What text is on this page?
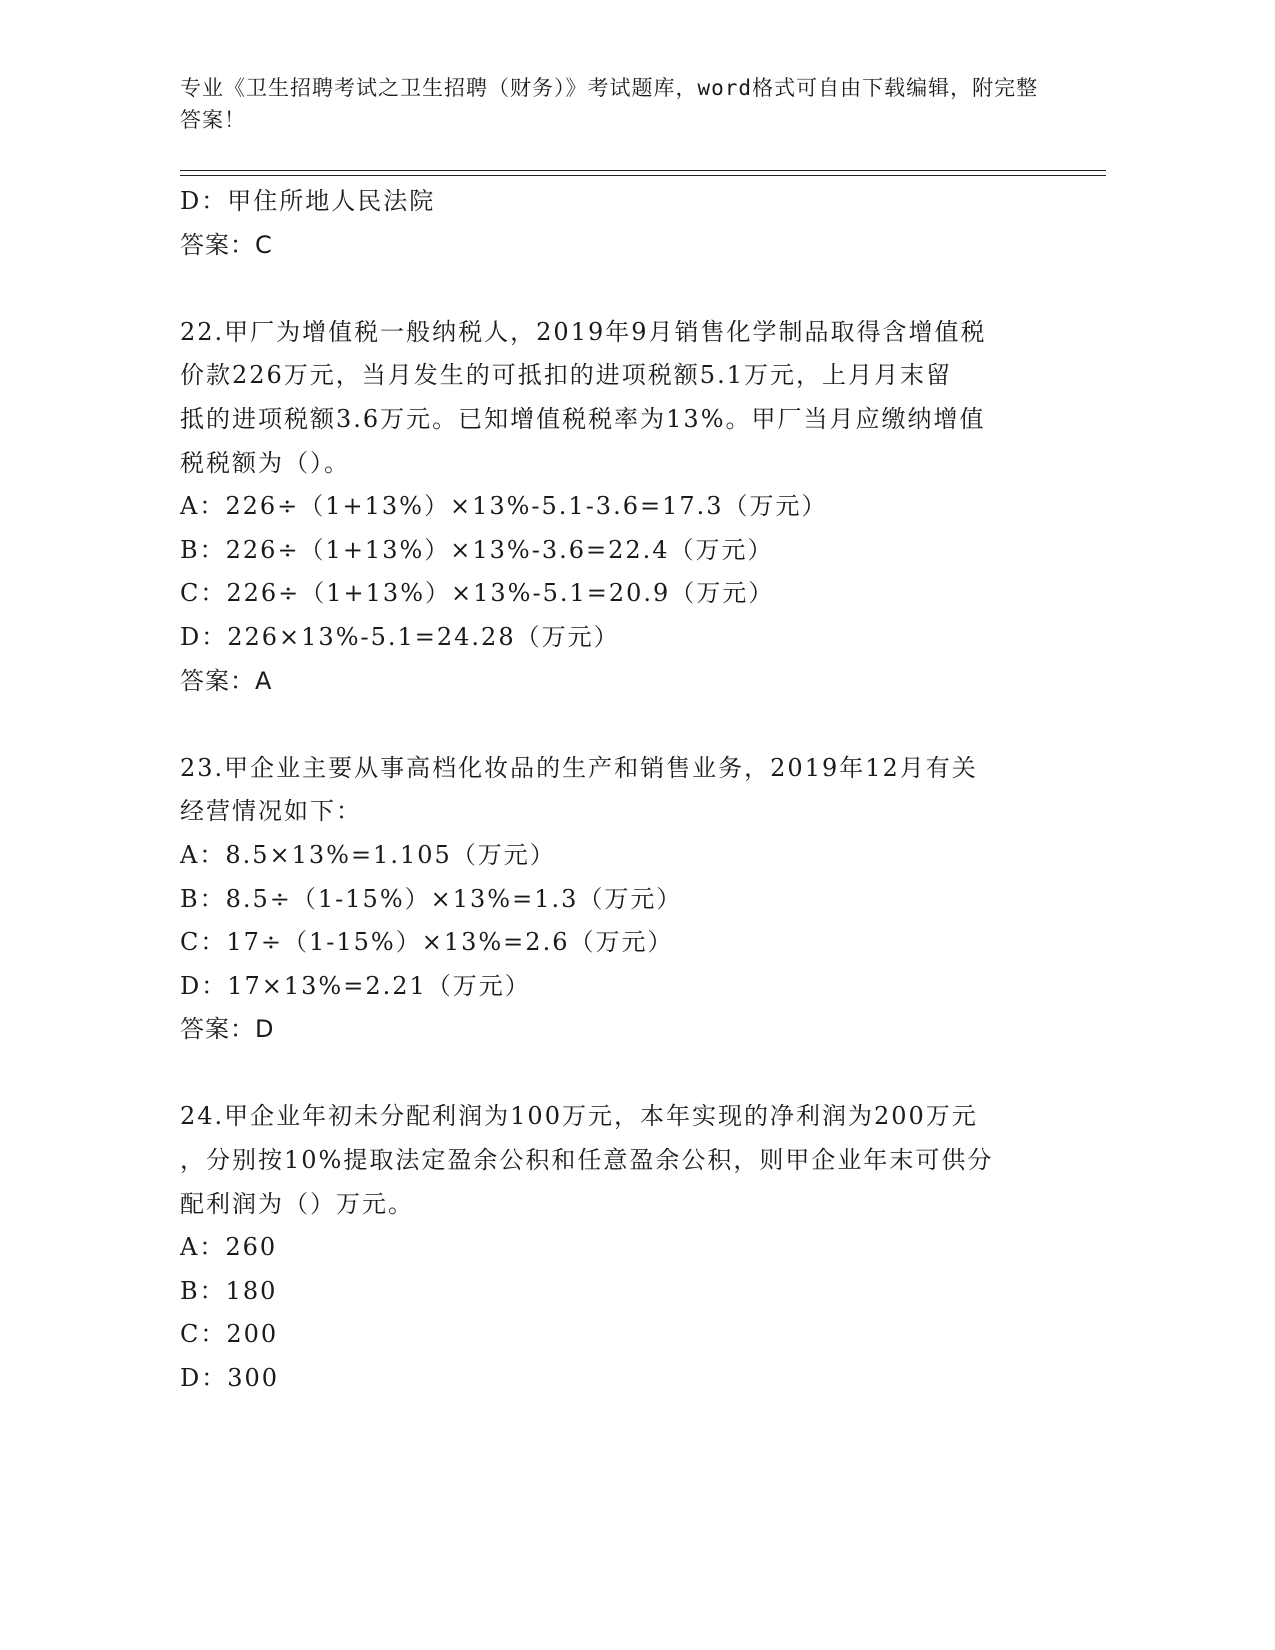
专业《卫生招聘考试之卫生招聘（财务）》考试题库，word格式可自由下载编辑，附完整答案！
D：甲住所地人民法院
答案：C
22.甲厂为增值税一般纳税人，2019年9月销售化学制品取得含增值税
价款226万元，当月发生的可抵扣的进项税额5.1万元，上月月末留
抵的进项税额3.6万元。已知增值税税率为13%。甲厂当月应缴纳增值
税税额为（）。
A：226÷（1+13%）×13%-5.1-3.6=17.3（万元）
B：226÷（1+13%）×13%-3.6=22.4（万元）
C：226÷（1+13%）×13%-5.1=20.9（万元）
D：226×13%-5.1=24.28（万元）
答案：A
23.甲企业主要从事高档化妆品的生产和销售业务，2019年12月有关
经营情况如下：
A：8.5×13%=1.105（万元）
B：8.5÷（1-15%）×13%=1.3（万元）
C：17÷（1-15%）×13%=2.6（万元）
D：17×13%=2.21（万元）
答案：D
24.甲企业年初未分配利润为100万元，本年实现的净利润为200万元
，分别按10%提取法定盈余公积和任意盈余公积，则甲企业年末可供分
配利润为（）万元。
A：260
B：180
C：200
D：300
